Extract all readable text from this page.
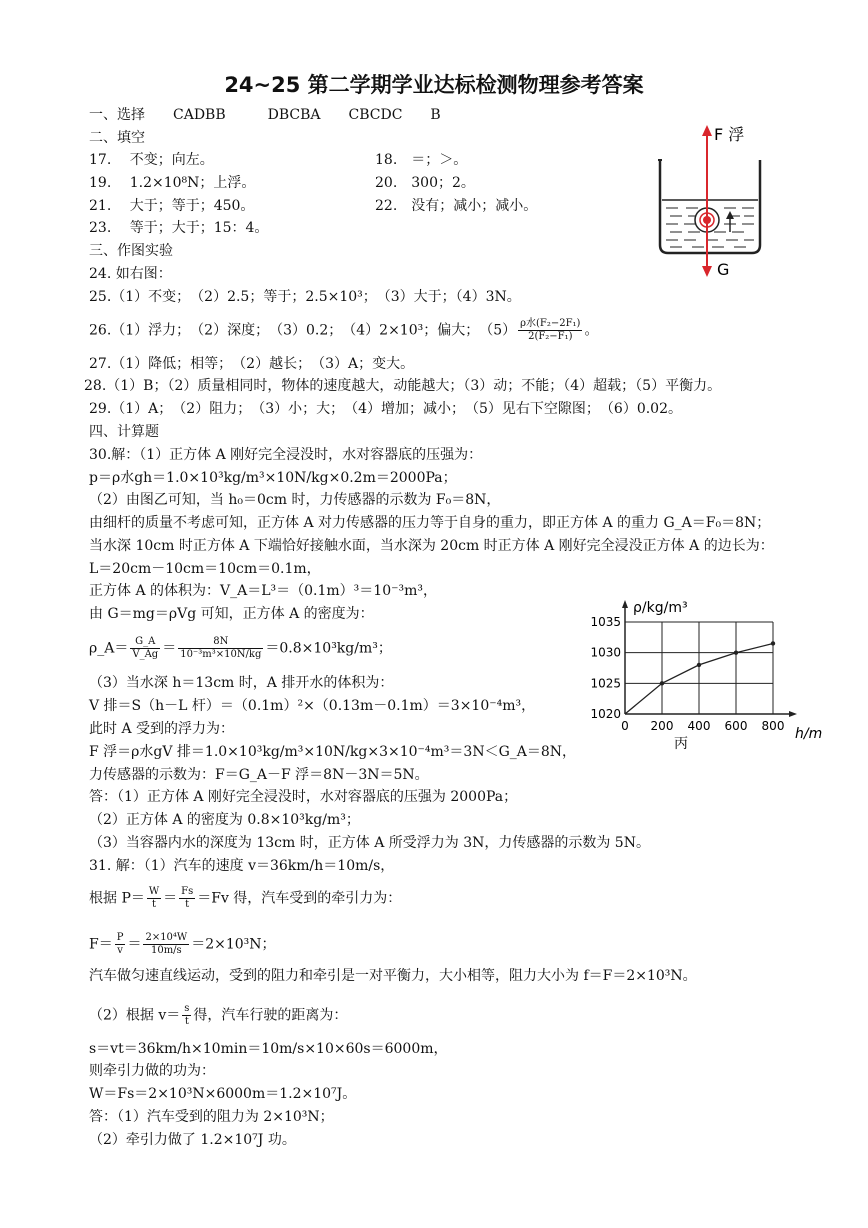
24~25 第二学期学业达标检测物理参考答案
一、选择　　CADBB　　　DBCBA　　CBCDC　　B
二、填空
17.　 不变；向左。	18.　＝；＞。
19.　 1.2×10⁸N；上浮。	20.　300；2。
21.　 大于；等于；450。	22.　没有；减小；减小。
23.　 等于；大于；15：4。
三、作图实验
24. 如右图：
25.（1）不变；　（2）2.5；等于；2.5×10³；　（3）大于；（4）3N。
26.（1）浮力；　（2）深度；　（3）0.2；　（4）2×10³；偏大；　$(5) \frac{\text{ρ水(F₂−2F₁)}}{\text{2(F₂−F₁)}}$ 。
27.（1）降低；相等；　（2）越长；　（3）A；变大。
28.（1）B；（2）质量相同时，物体的速度越大，动能越大；（3）动；不能；（4）超载；（5）平衡力。
29.（1）A；　（2）阻力；　（3）小；大；　（4）增加；减小；　（5）见右下空隙图；　（6）0.02。
四、计算题
30.解：（1）正方体 A 刚好完全浸没时，水对容器底的压强为：
p＝ρ水gh＝1.0×10³kg/m³×10N/kg×0.2m＝2000Pa；
（2）由图乙可知，当 h₀＝0cm 时，力传感器的示数为 F₀＝8N，
由细杆的质量不考虑可知，正方体 A 对力传感器的压力等于自身的重力，即正方体 A 的重力 G_A＝F₀＝8N；
当水深 10cm 时正方体 A 下端恰好接触水面，当水深为 20cm 时正方体 A 刚好完全浸没正方体 A 的边长为：
L＝20cm－10cm＝10cm＝0.1m，
正方体 A 的体积为：V_A＝L³＝（0.1m）³＝10⁻³m³，
由 G＝mg＝ρVg 可知，正方体 A 的密度为：
ρ_A＝ $\frac{G\_A}{V\_Ag} = \frac{8N}{\text{10⁻³m³×10N/kg}} =0.8\times 10^3kg/m^3$；
（3）当水深 h＝13cm 时，A 排开水的体积为：
V 排＝S（h－L 杆）＝（0.1m）²×（0.13m－0.1m）＝3×10⁻⁴m³，
此时 A 受到的浮力为：
F 浮＝ρ水gV 排＝1.0×10³kg/m³×10N/kg×3×10⁻⁴m³＝3N＜G_A＝8N，
力传感器的示数为：F＝G_A－F 浮＝8N－3N＝5N。
答：（1）正方体 A 刚好完全浸没时，水对容器底的压强为 2000Pa；
（2）正方体 A 的密度为 0.8×10³kg/m³；
（3）当容器内水的深度为 13cm 时，正方体 A 所受浮力为 3N，力传感器的示数为 5N。
31. 解：（1）汽车的速度 v＝36km/h＝10m/s，
根据 $P= \frac{W}{t} = \frac{Fs}{t} =Fv$ 得，汽车受到的牵引力为：
$F= \frac{P}{v} = \frac{\text{2×10⁴W}}{10m/s} =2\times 10^3N$；
汽车做匀速直线运动，受到的阻力和牵引是一对平衡力，大小相等，阻力大小为 f＝F＝2×10³N。
（2）根据 $v= \frac{s}{t}$ 得，汽车行驶的距离为：
s＝vt＝36km/h×10min＝10m/s×10×60s＝6000m，
则牵引力做的功为：
W＝Fs＝2×10³N×6000m＝1.2×10⁷J。
答：（1）汽车受到的阻力为 2×10³N；
（2）牵引力做了 1.2×10⁷J 功。
F 浮
G
0 200 400 600 800
1020
1025
1030
1035
ρ/kg/m³
h/m
丙
